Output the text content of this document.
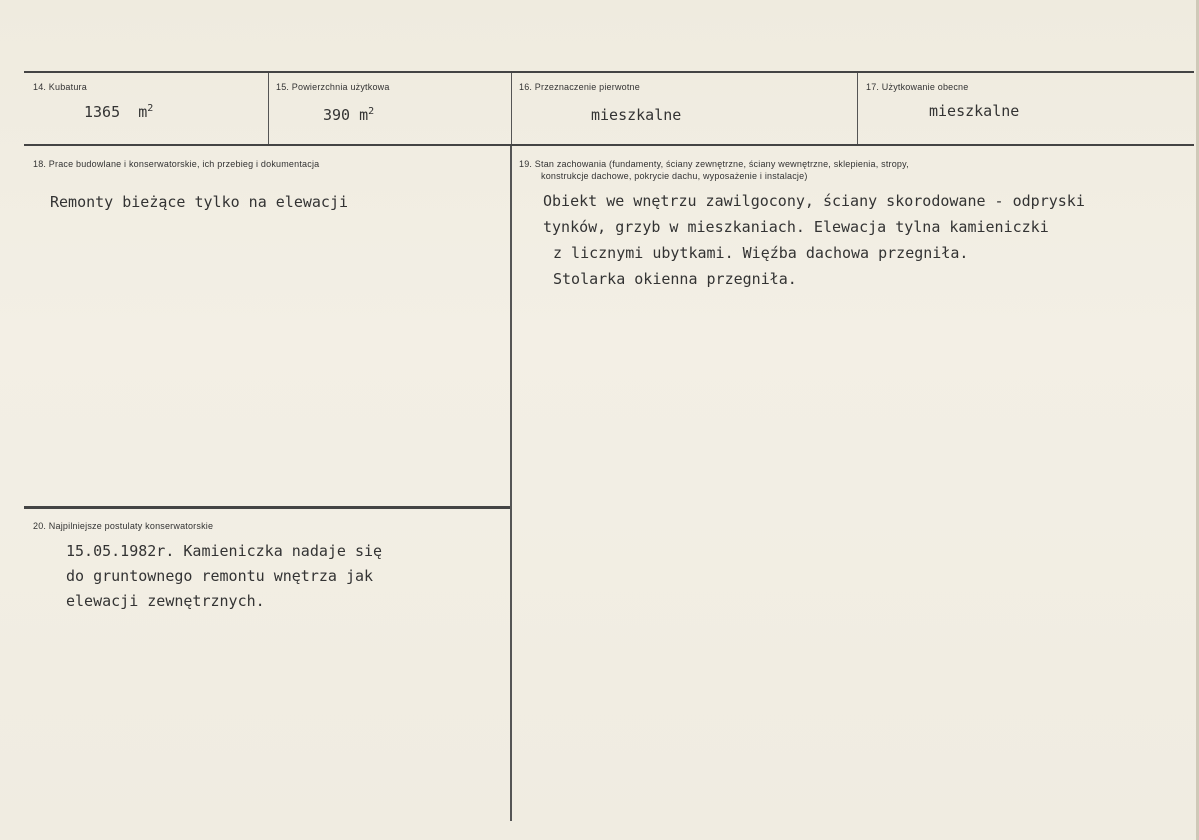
14. Kubatura
1365 $m^2$
15. Powierzchnia użytkowa
390 $m^2$
16. Przeznaczenie pierwotne
mieszkalne
17. Użytkowanie obecne
mieszkalne
18. Prace budowlane i konserwatorskie, ich przebieg i dokumentacja
Remonty bieżące tylko na elewacji
19. Stan zachowania (fundamenty, ściany zewnętrzne, ściany wewnętrzne, sklepienia, stropy,
konstrukcje dachowe, pokrycie dachu, wyposażenie i instalacje)
Obiekt we wnętrzu zawilgocony, ściany skorodowane - odpryski
tynków, grzyb w mieszkaniach. Elewacja tylna kamieniczki
z licznymi ubytkami. Więźba dachowa przegniła.
Stolarka okienna przegniła.
20. Najpilniejsze postulaty konserwatorskie
15.05.1982r. Kamieniczka nadaje się
do gruntownego remontu wnętrza jak
elewacji zewnętrznych.
